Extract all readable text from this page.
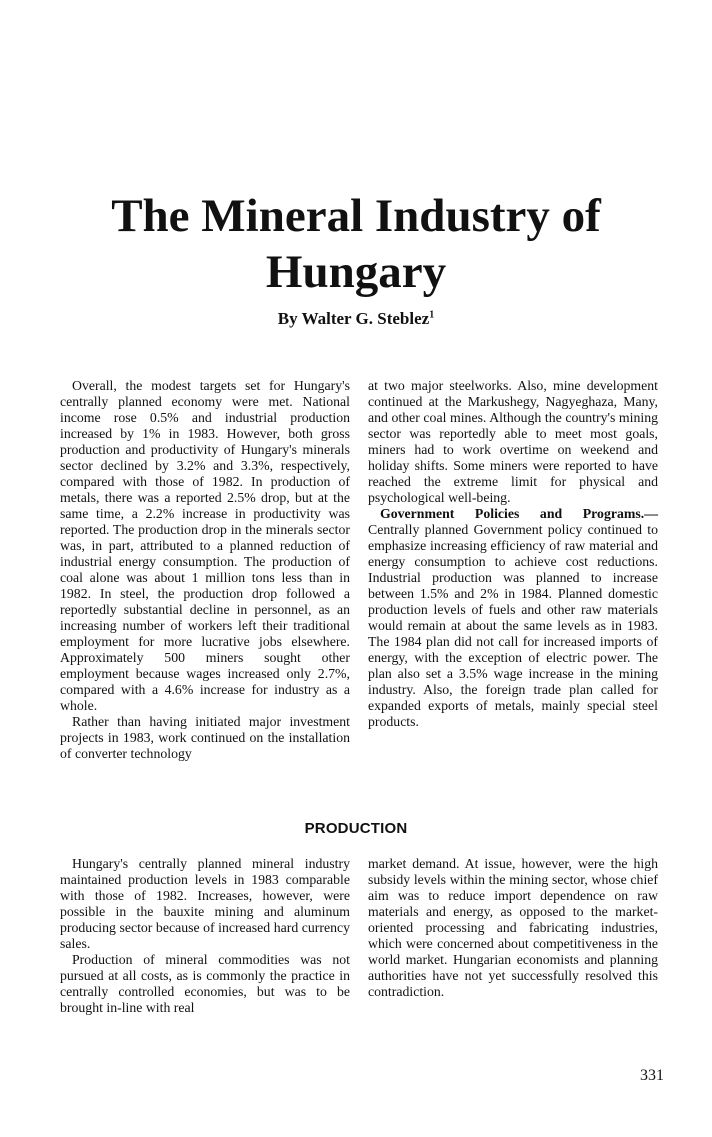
The Mineral Industry of
Hungary
By Walter G. Steblez$^1$

Overall, the modest targets set for Hungary's centrally planned economy were met. National income rose 0.5% and industrial production increased by 1% in 1983. However, both gross production and productivity of Hungary's minerals sector declined by 3.2% and 3.3%, respectively, compared with those of 1982. In production of metals, there was a reported 2.5% drop, but at the same time, a 2.2% increase in productivity was reported. The production drop in the minerals sector was, in part, attributed to a planned reduction of industrial energy consumption. The production of coal alone was about 1 million tons less than in 1982. In steel, the production drop followed a reportedly substantial decline in personnel, as an increasing number of workers left their traditional employment for more lucrative jobs elsewhere. Approximately 500 miners sought other employment because wages increased only 2.7%, compared with a 4.6% increase for industry as a whole.

Rather than having initiated major investment projects in 1983, work continued on the installation of converter technology

at two major steelworks. Also, mine development continued at the Markushegy, Nagyeghaza, Many, and other coal mines. Although the country's mining sector was reportedly able to meet most goals, miners had to work overtime on weekend and holiday shifts. Some miners were reported to have reached the extreme limit for physical and psychological well-being.

Government Policies and Programs.— Centrally planned Government policy continued to emphasize increasing efficiency of raw material and energy consumption to achieve cost reductions. Industrial production was planned to increase between 1.5% and 2% in 1984. Planned domestic production levels of fuels and other raw materials would remain at about the same levels as in 1983. The 1984 plan did not call for increased imports of energy, with the exception of electric power. The plan also set a 3.5% wage increase in the mining industry. Also, the foreign trade plan called for expanded exports of metals, mainly special steel products.

PRODUCTION

Hungary's centrally planned mineral industry maintained production levels in 1983 comparable with those of 1982. Increases, however, were possible in the bauxite mining and aluminum producing sector because of increased hard currency sales.

Production of mineral commodities was not pursued at all costs, as is commonly the practice in centrally controlled economies, but was to be brought in-line with real

market demand. At issue, however, were the high subsidy levels within the mining sector, whose chief aim was to reduce import dependence on raw materials and energy, as opposed to the market-oriented processing and fabricating industries, which were concerned about competitiveness in the world market. Hungarian economists and planning authorities have not yet successfully resolved this contradiction.

331
